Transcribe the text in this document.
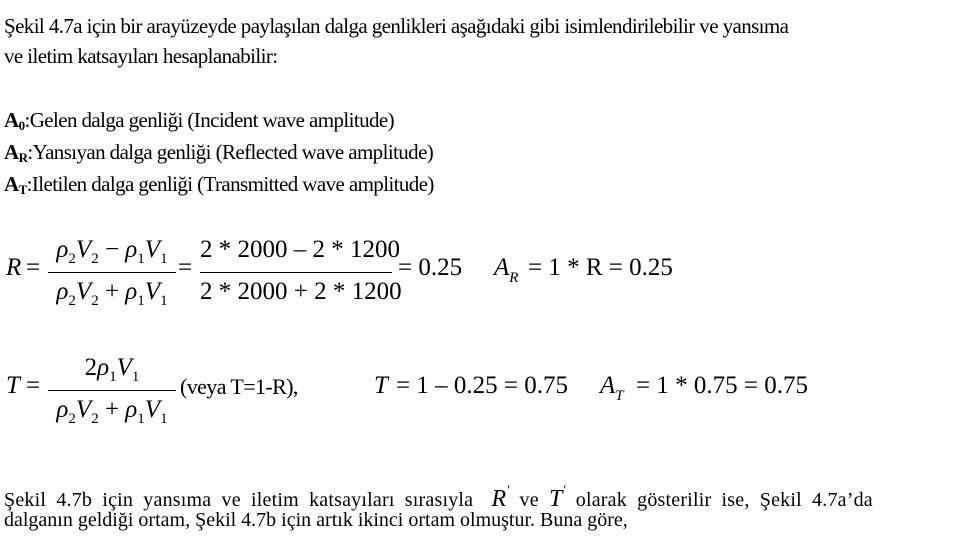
Şekil 4.7a için bir arayüzeyde paylaşılan dalga genlikleri aşağıdaki gibi isimlendirilebilir ve yansıma
ve iletim katsayıları hesaplanabilir:
$A_0:Gelen$ dalga genliği (Incident wave amplitude)
$A_R:Yansıyan$ dalga genliği (Reflected wave amplitude)
$A_T:Iletilen$ dalga genliği (Transmitted wave amplitude)
R =
$\rho_2V_2 - \rho_1V_1$
$\rho_2V_2 + \rho_1V_1$
=
2 * 2000 – 2 * 1200
2 * 2000 + 2 * 1200
= 0.25 $A_R = 1 * R = 0.25$
T =
$2\rho_1V_1$
$\rho_2V_2 + \rho_1V_1$
(veya T=1-R),	T = 1 – 0.25 = 0.75 $A_T = 1 * 0.75 = 0.75$
Şekil 4.7b için yansıma ve iletim katsayıları sırasıyla R' ve T' olarak gösterilir ise, Şekil 4.7a’da
dalganın geldiği ortam, Şekil 4.7b için artık ikinci ortam olmuştur. Buna göre,
